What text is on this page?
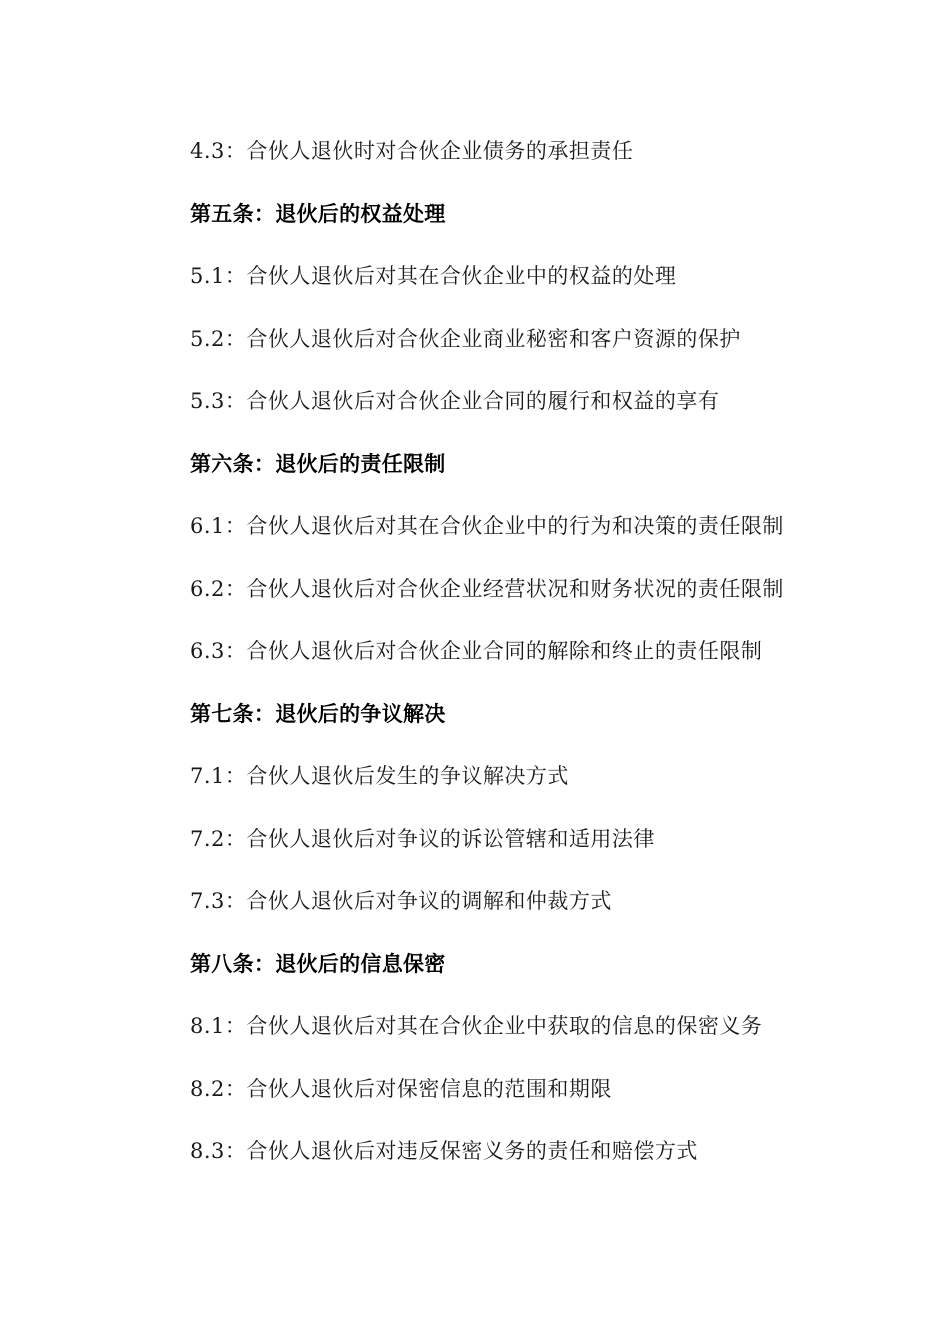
4.3：合伙人退伙时对合伙企业债务的承担责任
第五条：退伙后的权益处理
5.1：合伙人退伙后对其在合伙企业中的权益的处理
5.2：合伙人退伙后对合伙企业商业秘密和客户资源的保护
5.3：合伙人退伙后对合伙企业合同的履行和权益的享有
第六条：退伙后的责任限制
6.1：合伙人退伙后对其在合伙企业中的行为和决策的责任限制
6.2：合伙人退伙后对合伙企业经营状况和财务状况的责任限制
6.3：合伙人退伙后对合伙企业合同的解除和终止的责任限制
第七条：退伙后的争议解决
7.1：合伙人退伙后发生的争议解决方式
7.2：合伙人退伙后对争议的诉讼管辖和适用法律
7.3：合伙人退伙后对争议的调解和仲裁方式
第八条：退伙后的信息保密
8.1：合伙人退伙后对其在合伙企业中获取的信息的保密义务
8.2：合伙人退伙后对保密信息的范围和期限
8.3：合伙人退伙后对违反保密义务的责任和赔偿方式
